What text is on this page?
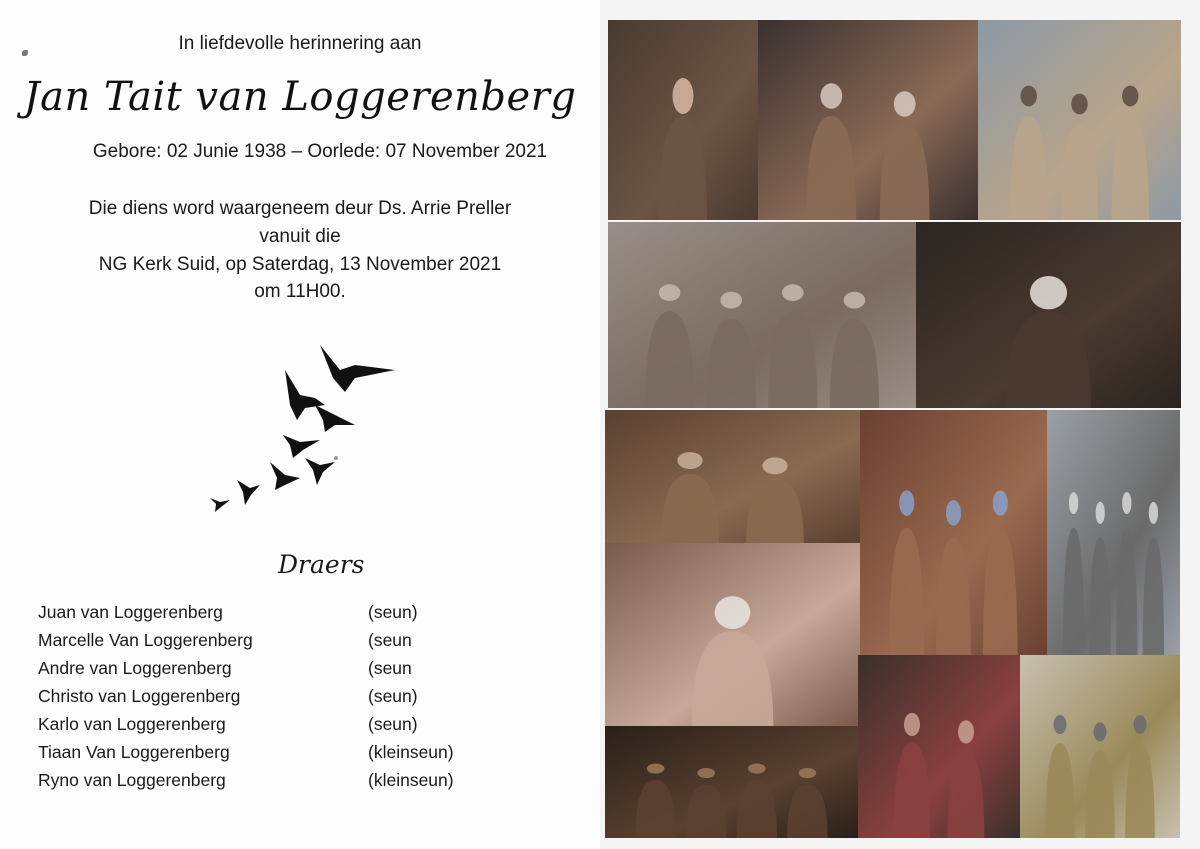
In liefdevolle herinnering aan
Jan Tait van Loggerenberg
Gebore: 02 Junie 1938 – Oorlede: 07 November 2021
Die diens word waargeneem deur Ds. Arrie Preller
vanuit die
NG Kerk Suid, op Saterdag, 13 November 2021
om 11H00.
Draers
Juan van Loggerenberg	(seun)
Marcelle Van Loggerenberg	(seun
Andre van Loggerenberg	(seun
Christo van Loggerenberg	(seun)
Karlo van Loggerenberg	(seun)
Tiaan Van Loggerenberg	(kleinseun)
Ryno van Loggerenberg	(kleinseun)
